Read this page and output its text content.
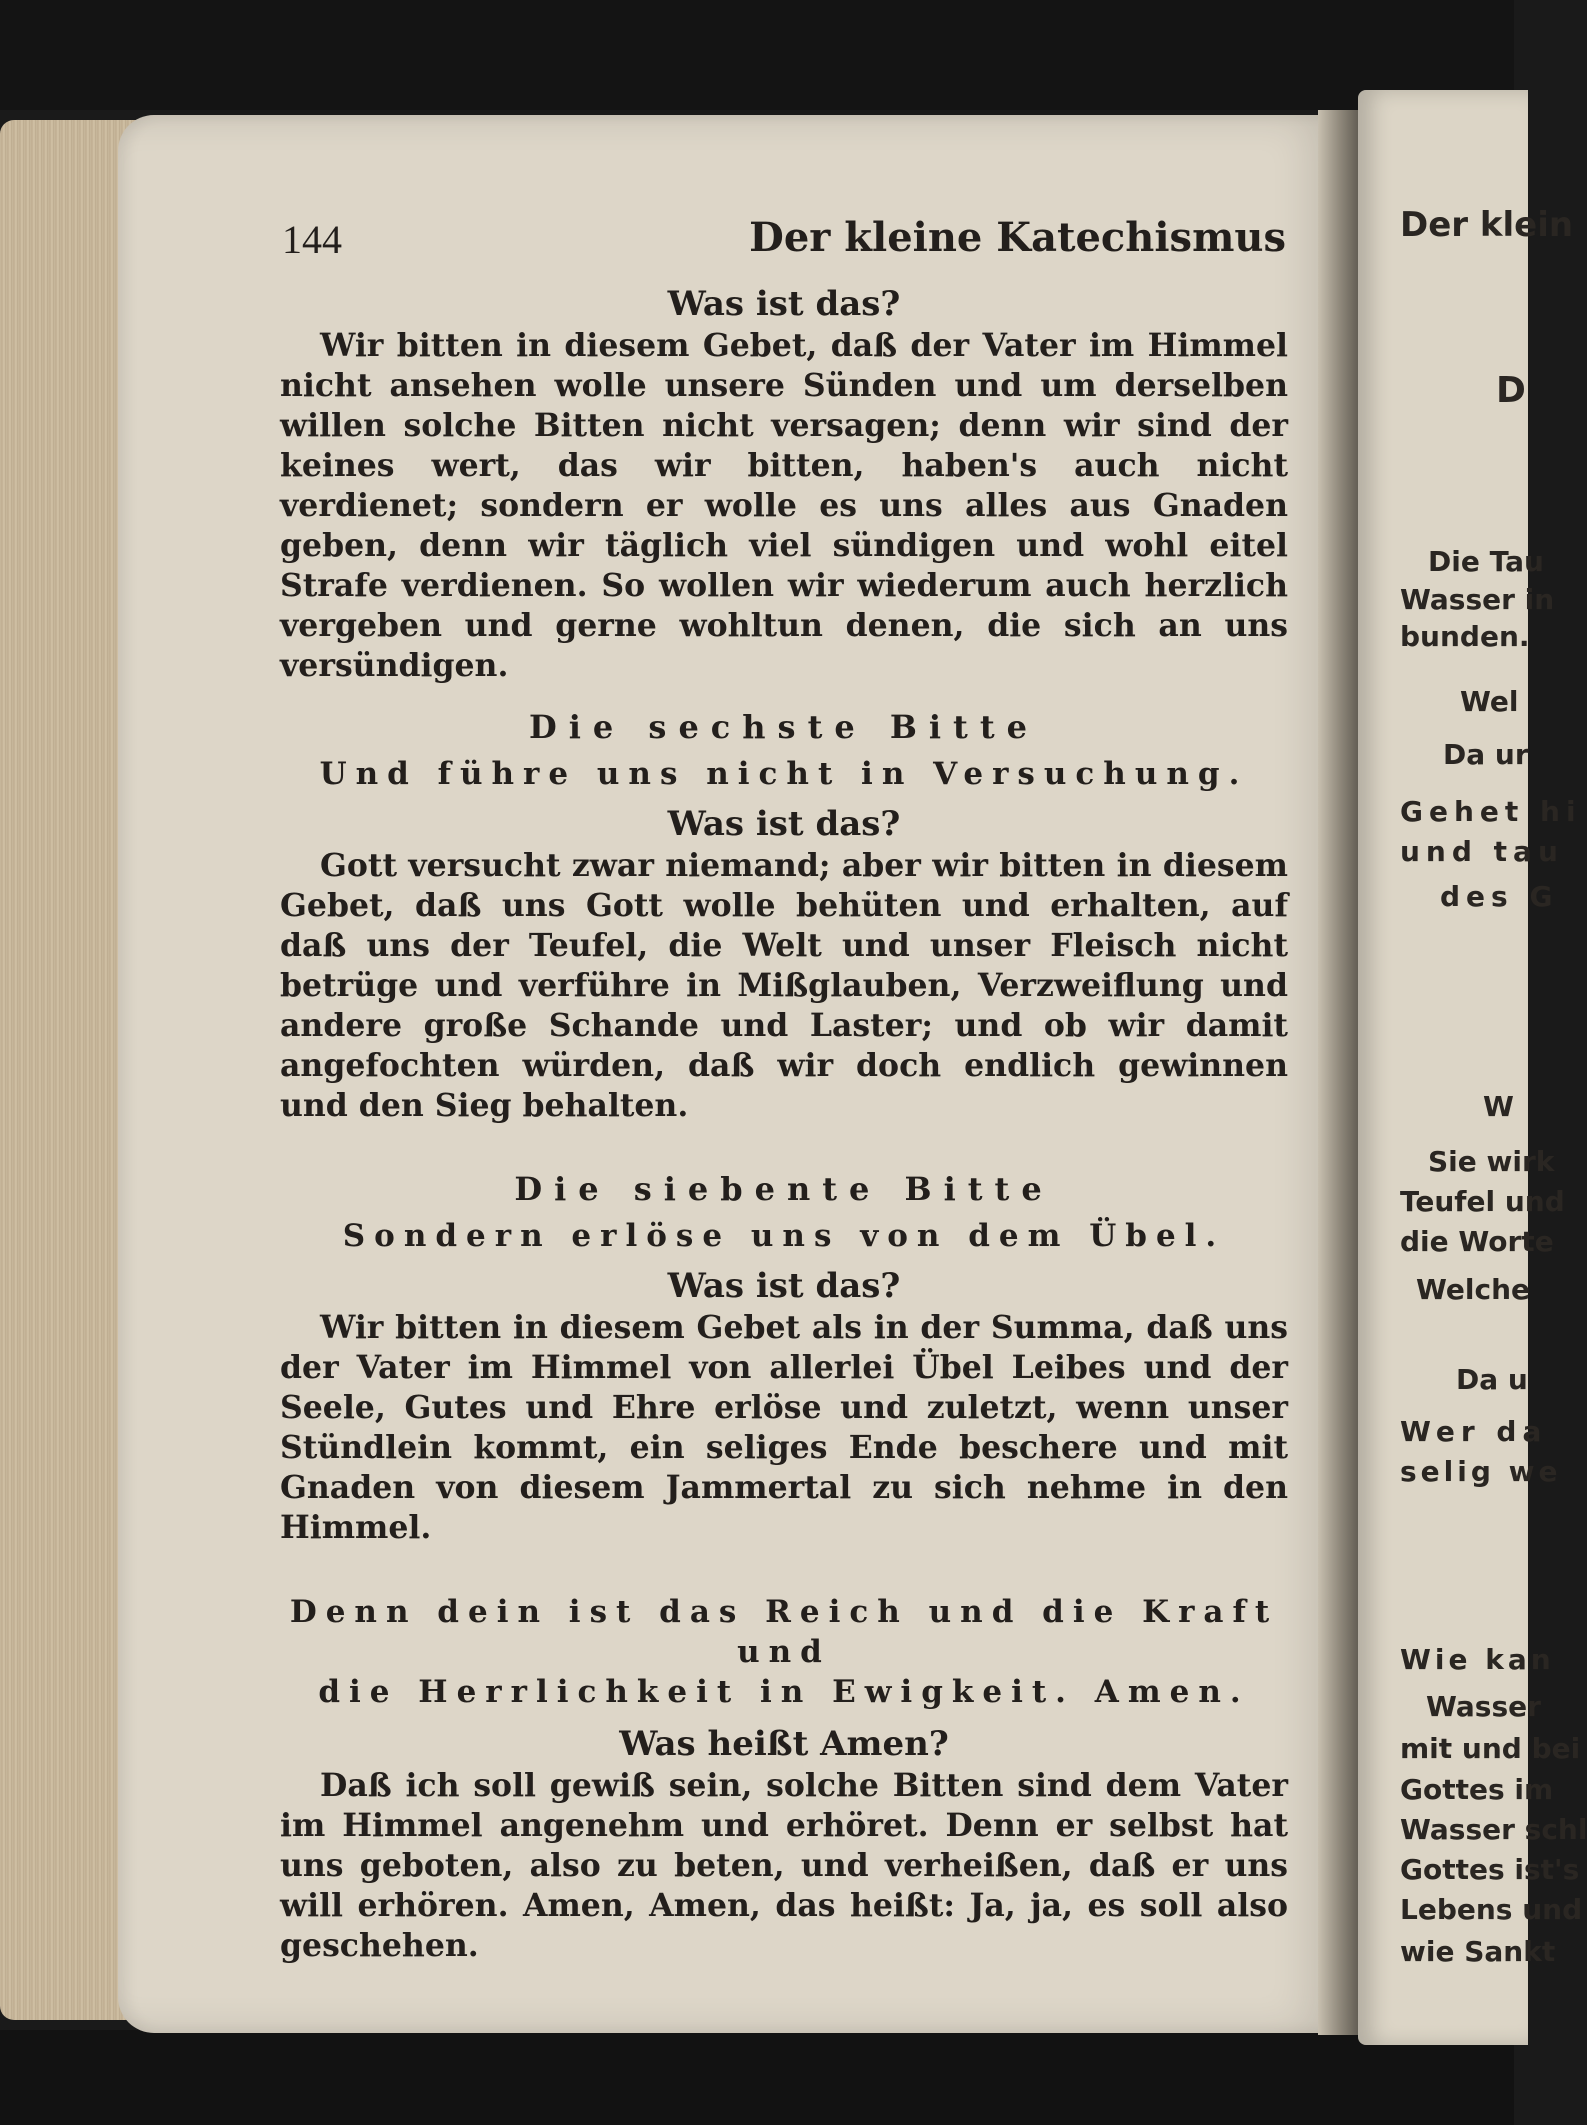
Der klein
D
Die Tau
Wasser in
bunden.
Wel
Da ur
Gehet hi
und tau
des G
W
Sie wirk
Teufel und
die Worte
Welche
Da u
Wer da
selig we
Wie kan
Wasser
mit und bei
Gottes im
Wasser schl
Gottes ist's
Lebens und
wie Sankt
144	Der kleine Katechismus
Was ist das?

Wir bitten in diesem Gebet, daß der Vater im Himmel nicht ansehen wolle unsere Sünden und um derselben willen solche Bitten nicht versagen; denn wir sind der keines wert, das wir bitten, haben's auch nicht verdienet; sondern er wolle es uns alles aus Gnaden geben, denn wir täglich viel sündigen und wohl eitel Strafe verdienen. So wollen wir wiederum auch herzlich vergeben und gerne wohltun denen, die sich an uns versündigen.

Die sechste Bitte
Und führe uns nicht in Versuchung.
Was ist das?

Gott versucht zwar niemand; aber wir bitten in diesem Gebet, daß uns Gott wolle behüten und erhalten, auf daß uns der Teufel, die Welt und unser Fleisch nicht betrüge und verführe in Mißglauben, Verzweiflung und andere große Schande und Laster; und ob wir damit angefochten würden, daß wir doch endlich gewinnen und den Sieg behalten.

Die siebente Bitte
Sondern erlöse uns von dem Übel.
Was ist das?

Wir bitten in diesem Gebet als in der Summa, daß uns der Vater im Himmel von allerlei Übel Leibes und der Seele, Gutes und Ehre erlöse und zuletzt, wenn unser Stündlein kommt, ein seliges Ende beschere und mit Gnaden von diesem Jammertal zu sich nehme in den Himmel.

Denn dein ist das Reich und die Kraft und
die Herrlichkeit in Ewigkeit. Amen.
Was heißt Amen?

Daß ich soll gewiß sein, solche Bitten sind dem Vater im Himmel angenehm und erhöret. Denn er selbst hat uns geboten, also zu beten, und verheißen, daß er uns will erhören. Amen, Amen, das heißt: Ja, ja, es soll also geschehen.
